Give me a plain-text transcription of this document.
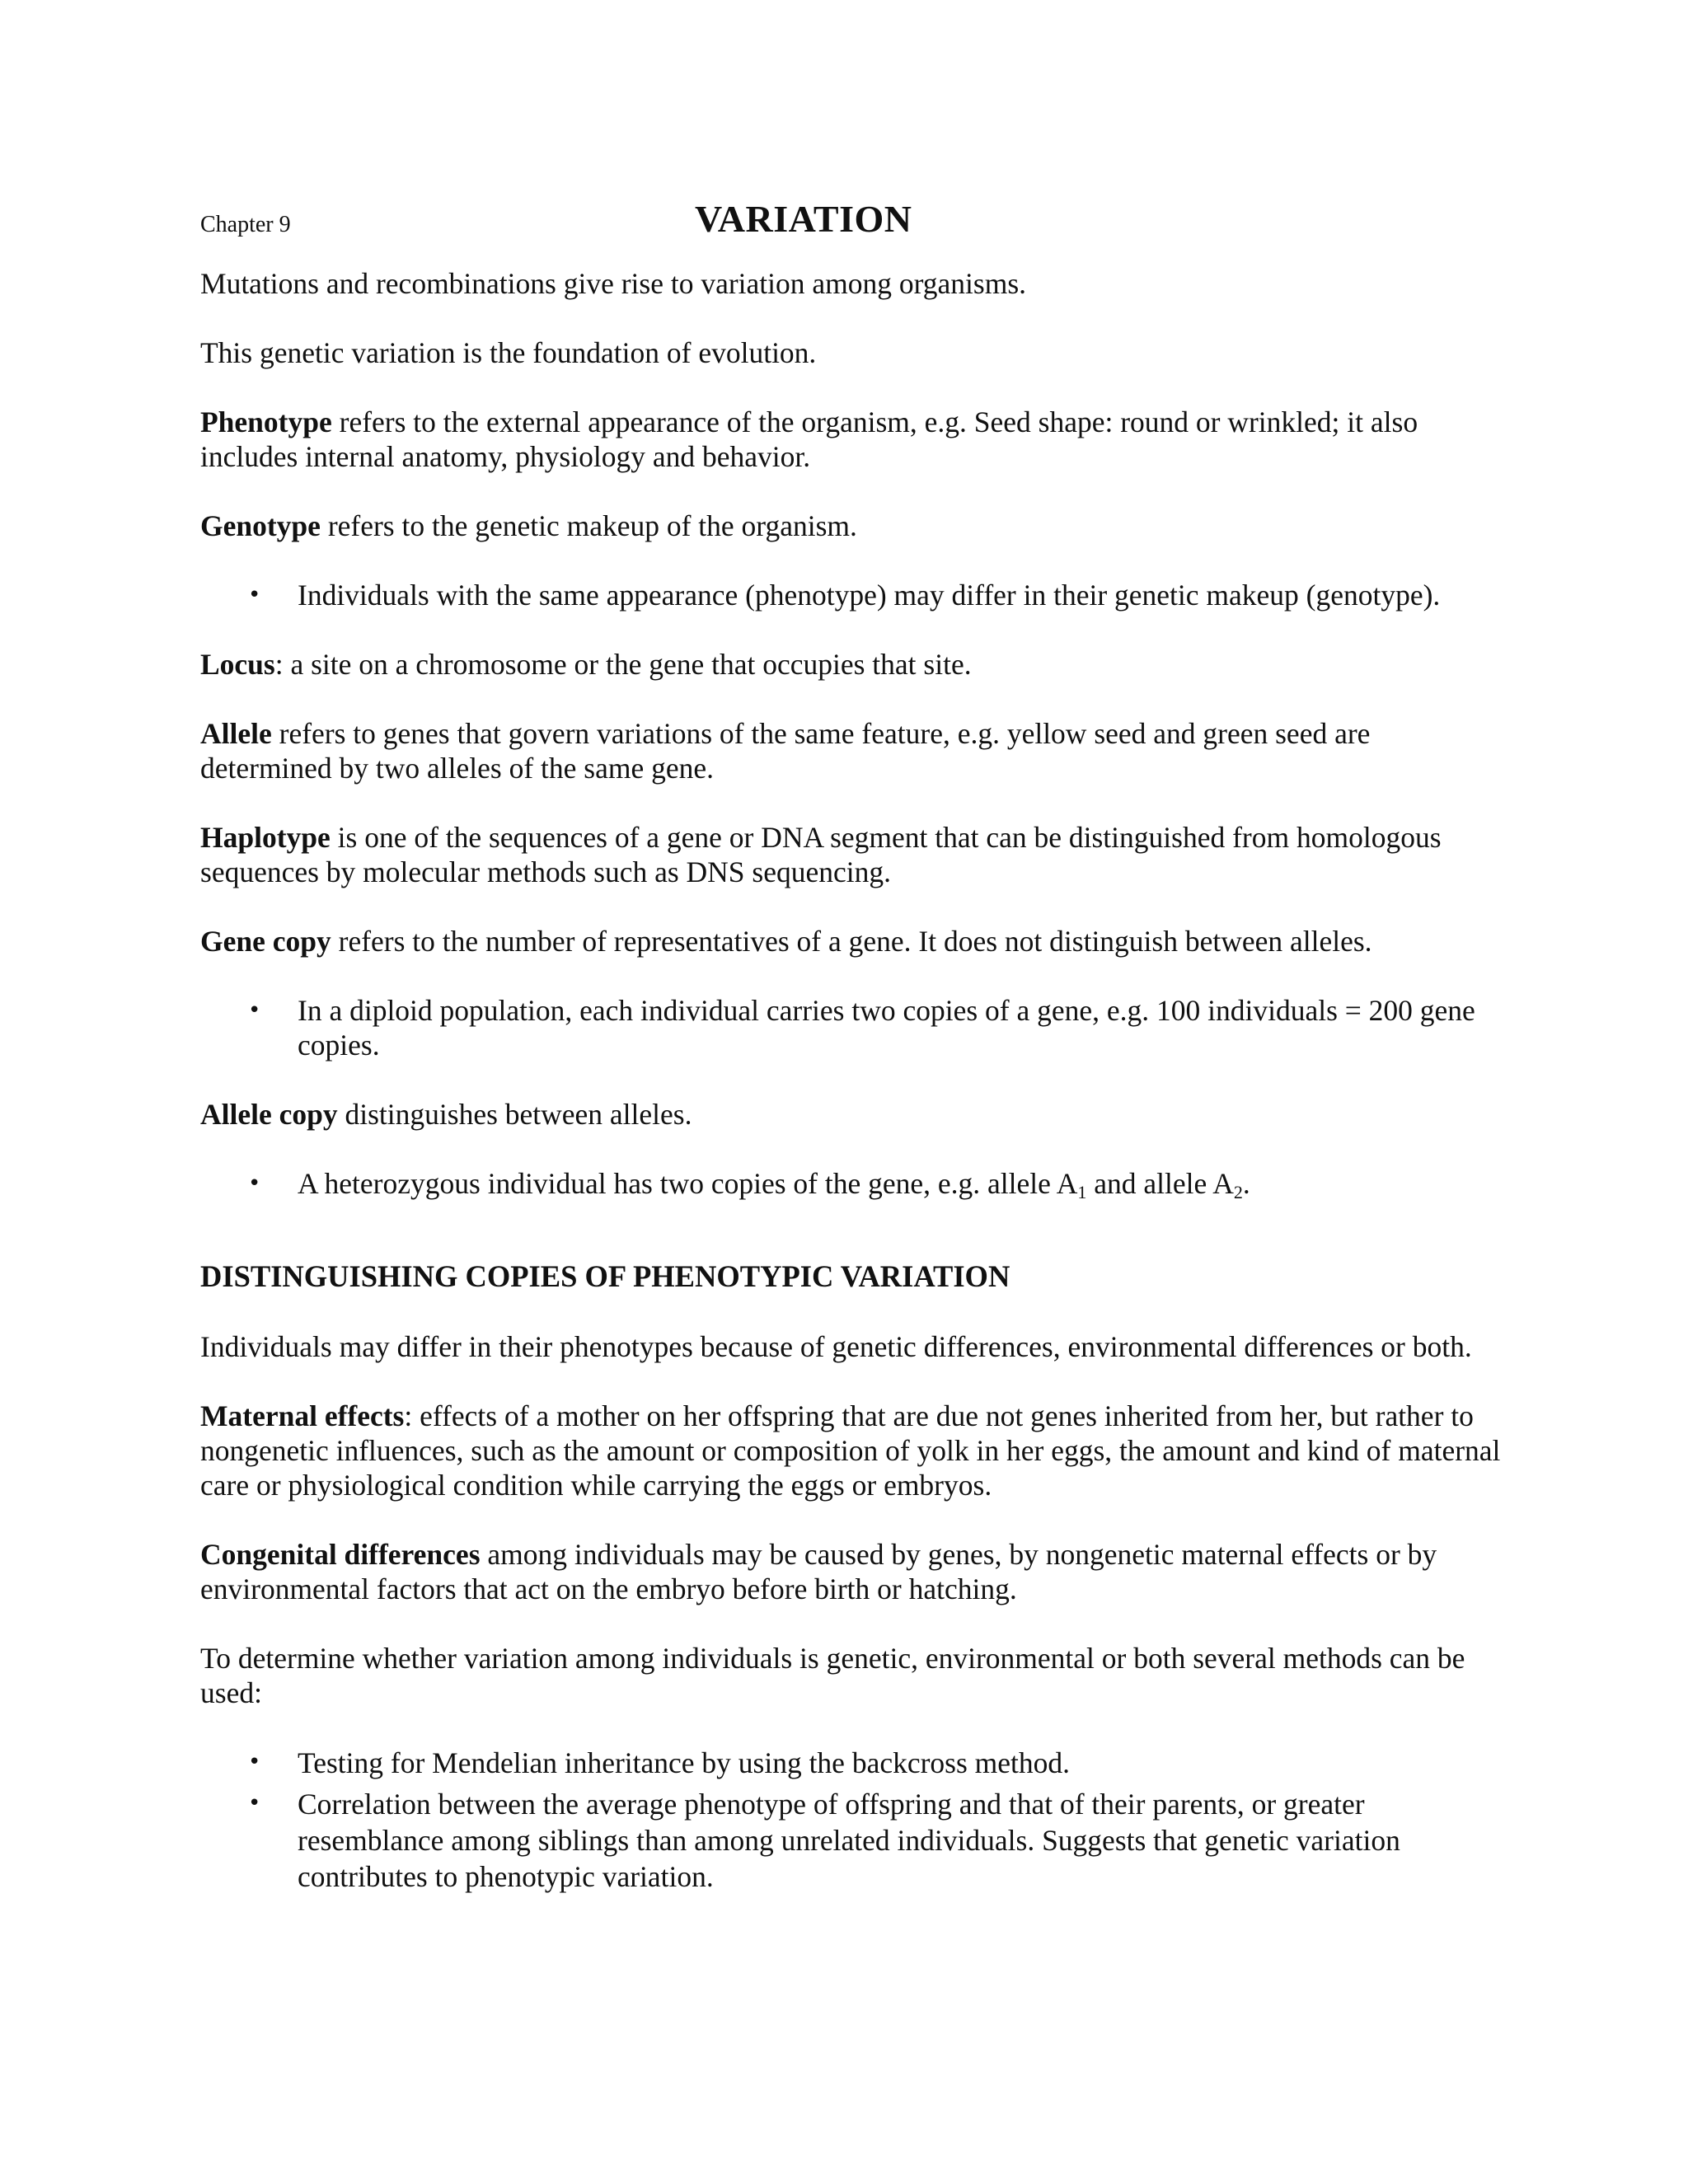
Chapter 9	VARIATION

Mutations and recombinations give rise to variation among organisms.

This genetic variation is the foundation of evolution.

Phenotype refers to the external appearance of the organism, e.g. Seed shape: round or wrinkled; it also includes internal anatomy, physiology and behavior.

Genotype refers to the genetic makeup of the organism.

• Individuals with the same appearance (phenotype) may differ in their genetic makeup (genotype).

Locus: a site on a chromosome or the gene that occupies that site.

Allele refers to genes that govern variations of the same feature, e.g. yellow seed and green seed are determined by two alleles of the same gene.

Haplotype is one of the sequences of a gene or DNA segment that can be distinguished from homologous sequences by molecular methods such as DNS sequencing.

Gene copy refers to the number of representatives of a gene. It does not distinguish between alleles.

• In a diploid population, each individual carries two copies of a gene, e.g. 100 individuals = 200 gene copies.

Allele copy distinguishes between alleles.

• A heterozygous individual has two copies of the gene, e.g. allele $A_1$ and allele $A_2$.
DISTINGUISHING COPIES OF PHENOTYPIC VARIATION

Individuals may differ in their phenotypes because of genetic differences, environmental differences or both.

Maternal effects: effects of a mother on her offspring that are due not genes inherited from her, but rather to nongenetic influences, such as the amount or composition of yolk in her eggs, the amount and kind of maternal care or physiological condition while carrying the eggs or embryos.

Congenital differences among individuals may be caused by genes, by nongenetic maternal effects or by environmental factors that act on the embryo before birth or hatching.

To determine whether variation among individuals is genetic, environmental or both several methods can be used:

• Testing for Mendelian inheritance by using the backcross method.
• Correlation between the average phenotype of offspring and that of their parents, or greater resemblance among siblings than among unrelated individuals. Suggests that genetic variation contributes to phenotypic variation.
